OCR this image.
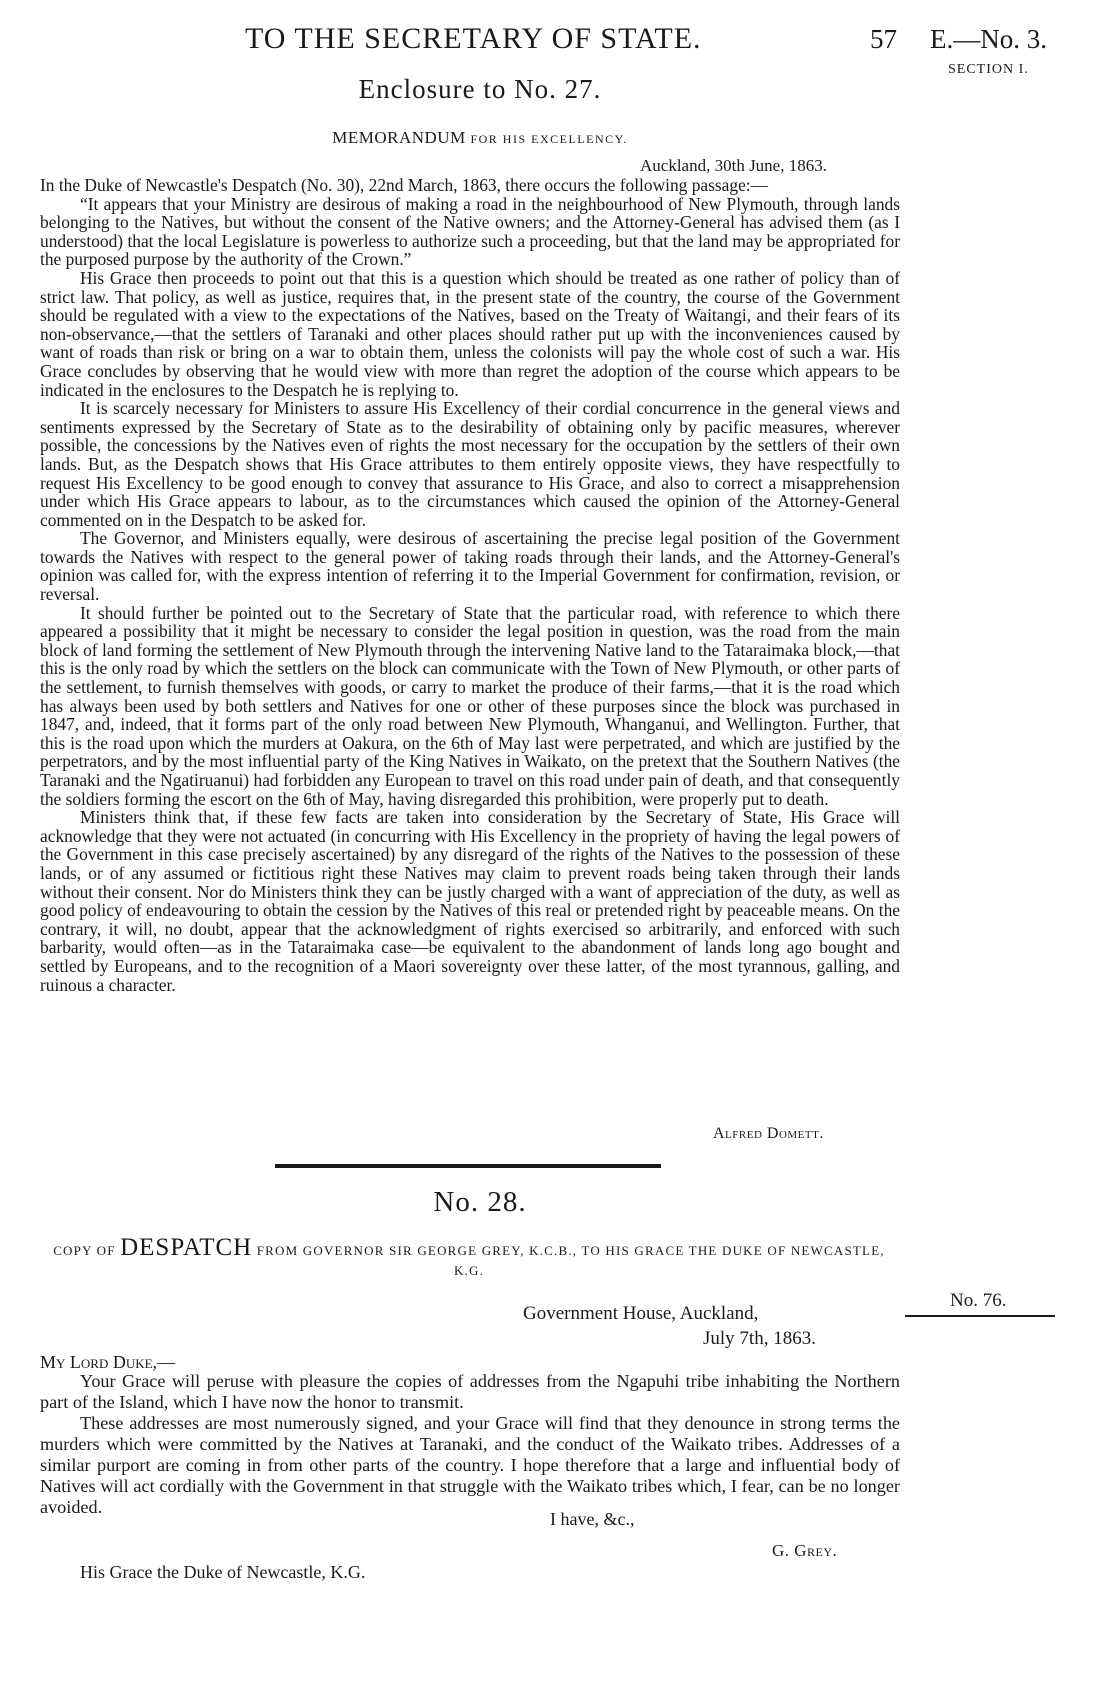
TO THE SECRETARY OF STATE.	57 E.—No. 3.
SECTION I.
Enclosure to No. 27.
MEMORANDUM FOR HIS EXCELLENCY.
Auckland, 30th June, 1863.

In the Duke of Newcastle's Despatch (No. 30), 22nd March, 1863, there occurs the following passage:—

“It appears that your Ministry are desirous of making a road in the neighbourhood of New Plymouth, through lands belonging to the Natives, but without the consent of the Native owners; and the Attorney-General has advised them (as I understood) that the local Legislature is powerless to authorize such a proceeding, but that the land may be appropriated for the purposed purpose by the authority of the Crown.”

His Grace then proceeds to point out that this is a question which should be treated as one rather of policy than of strict law. That policy, as well as justice, requires that, in the present state of the country, the course of the Government should be regulated with a view to the expectations of the Natives, based on the Treaty of Waitangi, and their fears of its non-observance,—that the settlers of Taranaki and other places should rather put up with the inconveniences caused by want of roads than risk or bring on a war to obtain them, unless the colonists will pay the whole cost of such a war. His Grace concludes by observing that he would view with more than regret the adoption of the course which appears to be indicated in the enclosures to the Despatch he is replying to.

It is scarcely necessary for Ministers to assure His Excellency of their cordial concurrence in the general views and sentiments expressed by the Secretary of State as to the desirability of obtaining only by pacific measures, wherever possible, the concessions by the Natives even of rights the most necessary for the occupation by the settlers of their own lands. But, as the Despatch shows that His Grace attributes to them entirely opposite views, they have respectfully to request His Excellency to be good enough to convey that assurance to His Grace, and also to correct a misapprehension under which His Grace appears to labour, as to the circumstances which caused the opinion of the Attorney-General commented on in the Despatch to be asked for.

The Governor, and Ministers equally, were desirous of ascertaining the precise legal position of the Government towards the Natives with respect to the general power of taking roads through their lands, and the Attorney-General's opinion was called for, with the express intention of referring it to the Imperial Government for confirmation, revision, or reversal.

It should further be pointed out to the Secretary of State that the particular road, with reference to which there appeared a possibility that it might be necessary to consider the legal position in question, was the road from the main block of land forming the settlement of New Plymouth through the intervening Native land to the Tataraimaka block,—that this is the only road by which the settlers on the block can communicate with the Town of New Plymouth, or other parts of the settlement, to furnish themselves with goods, or carry to market the produce of their farms,—that it is the road which has always been used by both settlers and Natives for one or other of these purposes since the block was purchased in 1847, and, indeed, that it forms part of the only road between New Plymouth, Whanganui, and Wellington. Further, that this is the road upon which the murders at Oakura, on the 6th of May last were perpetrated, and which are justified by the perpetrators, and by the most influential party of the King Natives in Waikato, on the pretext that the Southern Natives (the Taranaki and the Ngatiruanui) had forbidden any European to travel on this road under pain of death, and that consequently the soldiers forming the escort on the 6th of May, having disregarded this prohibition, were properly put to death.

Ministers think that, if these few facts are taken into consideration by the Secretary of State, His Grace will acknowledge that they were not actuated (in concurring with His Excellency in the propriety of having the legal powers of the Government in this case precisely ascertained) by any disregard of the rights of the Natives to the possession of these lands, or of any assumed or fictitious right these Natives may claim to prevent roads being taken through their lands without their consent. Nor do Ministers think they can be justly charged with a want of appreciation of the duty, as well as good policy of endeavouring to obtain the cession by the Natives of this real or pretended right by peaceable means. On the contrary, it will, no doubt, appear that the acknowledgment of rights exercised so arbitrarily, and enforced with such barbarity, would often—as in the Tataraimaka case—be equivalent to the abandonment of lands long ago bought and settled by Europeans, and to the recognition of a Maori sovereignty over these latter, of the most tyrannous, galling, and ruinous a character.

Alfred Domett.
No. 28.
COPY OF DESPATCH FROM GOVERNOR SIR GEORGE GREY, K.C.B., TO HIS GRACE THE DUKE OF NEWCASTLE, K.G.
No. 76.
Government House, Auckland,
July 7th, 1863.
My Lord Duke,—

Your Grace will peruse with pleasure the copies of addresses from the Ngapuhi tribe inhabiting the Northern part of the Island, which I have now the honor to transmit.

These addresses are most numerously signed, and your Grace will find that they denounce in strong terms the murders which were committed by the Natives at Taranaki, and the conduct of the Waikato tribes. Addresses of a similar purport are coming in from other parts of the country. I hope therefore that a large and influential body of Natives will act cordially with the Government in that struggle with the Waikato tribes which, I fear, can be no longer avoided.

I have, &c.,
G. Grey.
His Grace the Duke of Newcastle, K.G.
